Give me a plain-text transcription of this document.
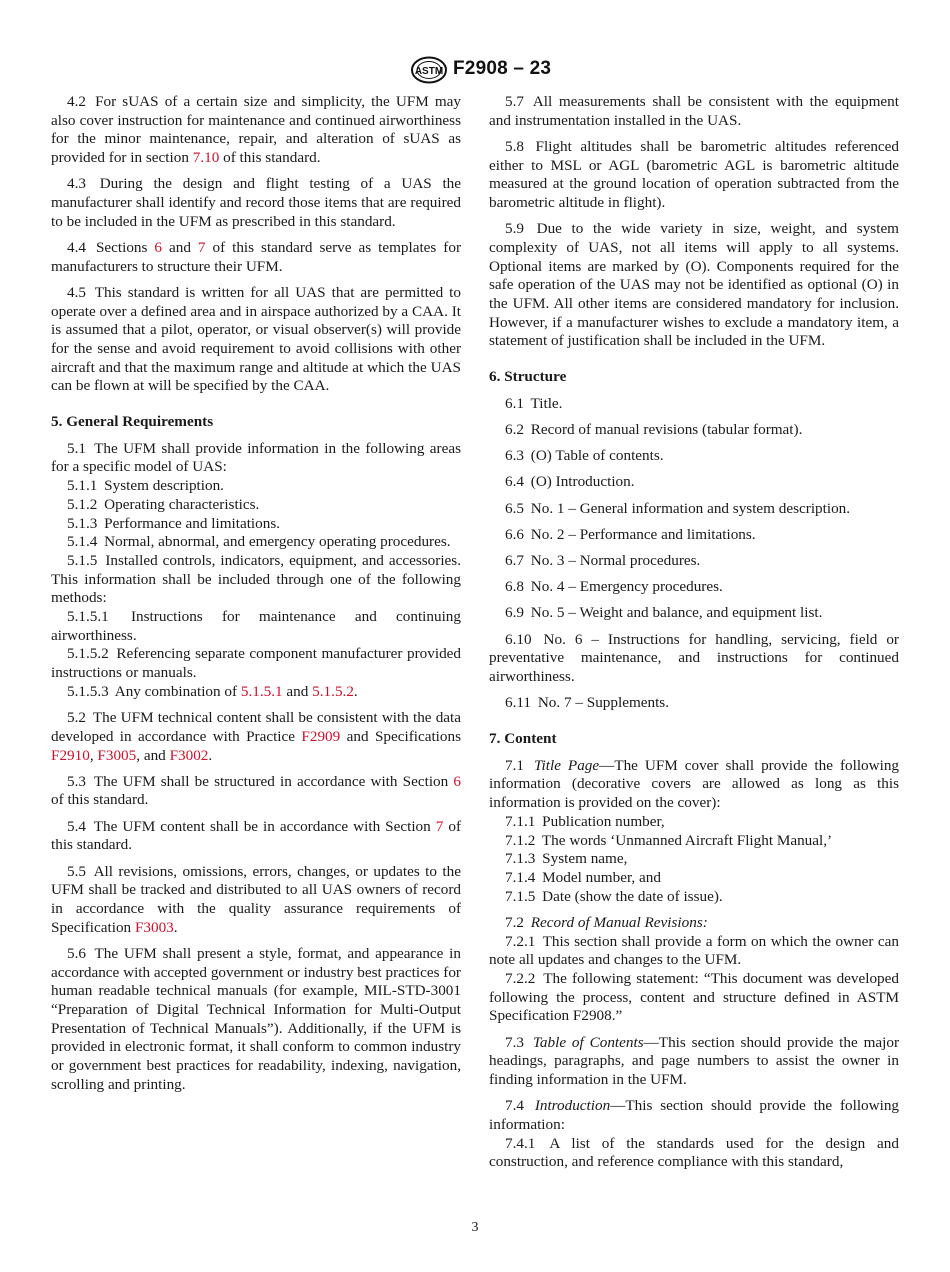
ASTM F2908 – 23

4.2 For sUAS of a certain size and simplicity, the UFM may also cover instruction for maintenance and continued airworthiness for the minor maintenance, repair, and alteration of sUAS as provided for in section 7.10 of this standard.

4.3 During the design and flight testing of a UAS the manufacturer shall identify and record those items that are required to be included in the UFM as prescribed in this standard.

4.4 Sections 6 and 7 of this standard serve as templates for manufacturers to structure their UFM.

4.5 This standard is written for all UAS that are permitted to operate over a defined area and in airspace authorized by a CAA. It is assumed that a pilot, operator, or visual observer(s) will provide for the sense and avoid requirement to avoid collisions with other aircraft and that the maximum range and altitude at which the UAS can be flown at will be specified by the CAA.

5. General Requirements

5.1 The UFM shall provide information in the following areas for a specific model of UAS:

5.1.1 System description.

5.1.2 Operating characteristics.

5.1.3 Performance and limitations.

5.1.4 Normal, abnormal, and emergency operating procedures.

5.1.5 Installed controls, indicators, equipment, and accessories. This information shall be included through one of the following methods:

5.1.5.1 Instructions for maintenance and continuing airworthiness.

5.1.5.2 Referencing separate component manufacturer provided instructions or manuals.

5.1.5.3 Any combination of 5.1.5.1 and 5.1.5.2.

5.2 The UFM technical content shall be consistent with the data developed in accordance with Practice F2909 and Specifications F2910, F3005, and F3002.

5.3 The UFM shall be structured in accordance with Section 6 of this standard.

5.4 The UFM content shall be in accordance with Section 7 of this standard.

5.5 All revisions, omissions, errors, changes, or updates to the UFM shall be tracked and distributed to all UAS owners of record in accordance with the quality assurance requirements of Specification F3003.

5.6 The UFM shall present a style, format, and appearance in accordance with accepted government or industry best practices for human readable technical manuals (for example, MIL-STD-3001 “Preparation of Digital Technical Information for Multi-Output Presentation of Technical Manuals”). Additionally, if the UFM is provided in electronic format, it shall conform to common industry or government best practices for readability, indexing, navigation, scrolling and printing.

5.7 All measurements shall be consistent with the equipment and instrumentation installed in the UAS.

5.8 Flight altitudes shall be barometric altitudes referenced either to MSL or AGL (barometric AGL is barometric altitude measured at the ground location of operation subtracted from the barometric altitude in flight).

5.9 Due to the wide variety in size, weight, and system complexity of UAS, not all items will apply to all systems. Optional items are marked by (O). Components required for the safe operation of the UAS may not be identified as optional (O) in the UFM. All other items are considered mandatory for inclusion. However, if a manufacturer wishes to exclude a mandatory item, a statement of justification shall be included in the UFM.

6. Structure

6.1 Title.

6.2 Record of manual revisions (tabular format).

6.3 (O) Table of contents.

6.4 (O) Introduction.

6.5 No. 1 – General information and system description.

6.6 No. 2 – Performance and limitations.

6.7 No. 3 – Normal procedures.

6.8 No. 4 – Emergency procedures.

6.9 No. 5 – Weight and balance, and equipment list.

6.10 No. 6 – Instructions for handling, servicing, field or preventative maintenance, and instructions for continued airworthiness.

6.11 No. 7 – Supplements.

7. Content

7.1 Title Page—The UFM cover shall provide the following information (decorative covers are allowed as long as this information is provided on the cover):

7.1.1 Publication number,

7.1.2 The words ‘Unmanned Aircraft Flight Manual,’

7.1.3 System name,

7.1.4 Model number, and

7.1.5 Date (show the date of issue).

7.2 Record of Manual Revisions:

7.2.1 This section shall provide a form on which the owner can note all updates and changes to the UFM.

7.2.2 The following statement: “This document was developed following the process, content and structure defined in ASTM Specification F2908.”

7.3 Table of Contents—This section should provide the major headings, paragraphs, and page numbers to assist the owner in finding information in the UFM.

7.4 Introduction—This section should provide the following information:

7.4.1 A list of the standards used for the design and construction, and reference compliance with this standard,

3
